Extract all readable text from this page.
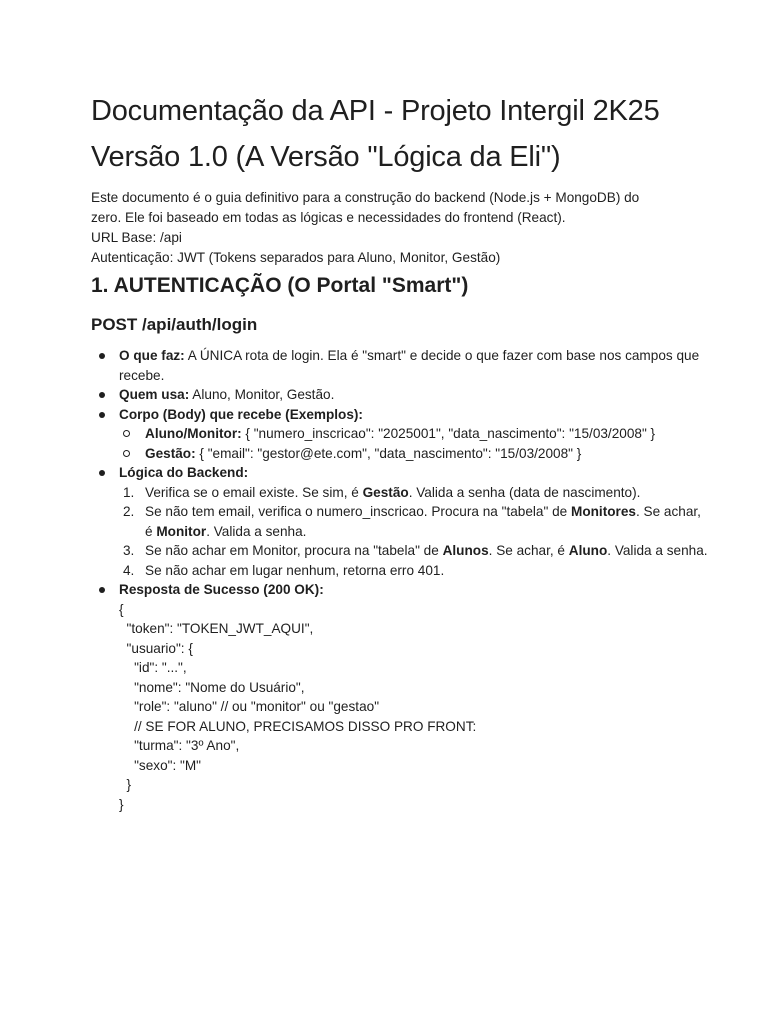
Documentação da API - Projeto Intergil 2K25
Versão 1.0 (A Versão "Lógica da Eli")

Este documento é o guia definitivo para a construção do backend (Node.js + MongoDB) do zero. Ele foi baseado em todas as lógicas e necessidades do frontend (React).

URL Base: /api

Autenticação: JWT (Tokens separados para Aluno, Monitor, Gestão)

1. AUTENTICAÇÃO (O Portal "Smart")
POST /api/auth/login
O que faz: A ÚNICA rota de login. Ela é "smart" e decide o que fazer com base nos campos que recebe.
Quem usa: Aluno, Monitor, Gestão.
Corpo (Body) que recebe (Exemplos):
Aluno/Monitor: { "numero_inscricao": "2025001", "data_nascimento": "15/03/2008" }
Gestão: { "email": "gestor@ete.com", "data_nascimento": "15/03/2008" }
Lógica do Backend:
1. Verifica se o email existe. Se sim, é Gestão. Valida a senha (data de nascimento).
2. Se não tem email, verifica o numero_inscricao. Procura na "tabela" de Monitores. Se achar, é Monitor. Valida a senha.
3. Se não achar em Monitor, procura na "tabela" de Alunos. Se achar, é Aluno. Valida a senha.
4. Se não achar em lugar nenhum, retorna erro 401.
Resposta de Sucesso (200 OK):
{
"token": "TOKEN_JWT_AQUI",
"usuario": {
"id": "...",
"nome": "Nome do Usuário",
"role": "aluno" // ou "monitor" ou "gestao"
// SE FOR ALUNO, PRECISAMOS DISSO PRO FRONT:
"turma": "3º Ano",
"sexo": "M"
}
}
